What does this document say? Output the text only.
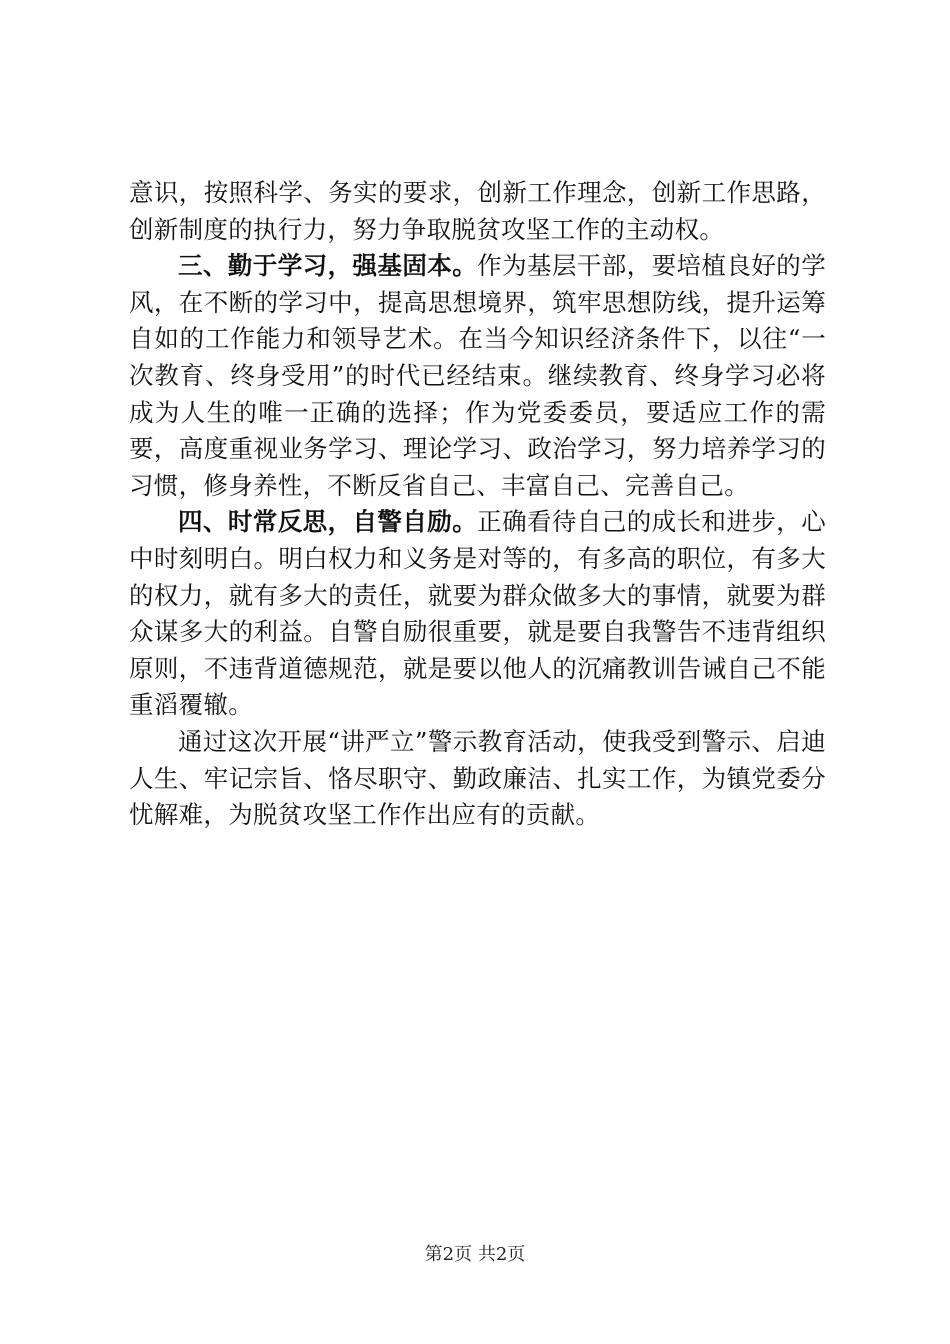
意识，按照科学、务实的要求，创新工作理念，创新工作思路，创新制度的执行力，努力争取脱贫攻坚工作的主动权。

三、勤于学习，强基固本。作为基层干部，要培植良好的学风，在不断的学习中，提高思想境界，筑牢思想防线，提升运筹自如的工作能力和领导艺术。在当今知识经济条件下，以往“一次教育、终身受用”的时代已经结束。继续教育、终身学习必将成为人生的唯一正确的选择；作为党委委员，要适应工作的需要，高度重视业务学习、理论学习、政治学习，努力培养学习的习惯，修身养性，不断反省自己、丰富自己、完善自己。

四、时常反思，自警自励。正确看待自己的成长和进步，心中时刻明白。明白权力和义务是对等的，有多高的职位，有多大的权力，就有多大的责任，就要为群众做多大的事情，就要为群众谋多大的利益。自警自励很重要，就是要自我警告不违背组织原则，不违背道德规范，就是要以他人的沉痛教训告诫自己不能重滔覆辙。

通过这次开展“讲严立”警示教育活动，使我受到警示、启迪人生、牢记宗旨、恪尽职守、勤政廉洁、扎实工作，为镇党委分忧解难，为脱贫攻坚工作作出应有的贡献。

第2页 共2页
